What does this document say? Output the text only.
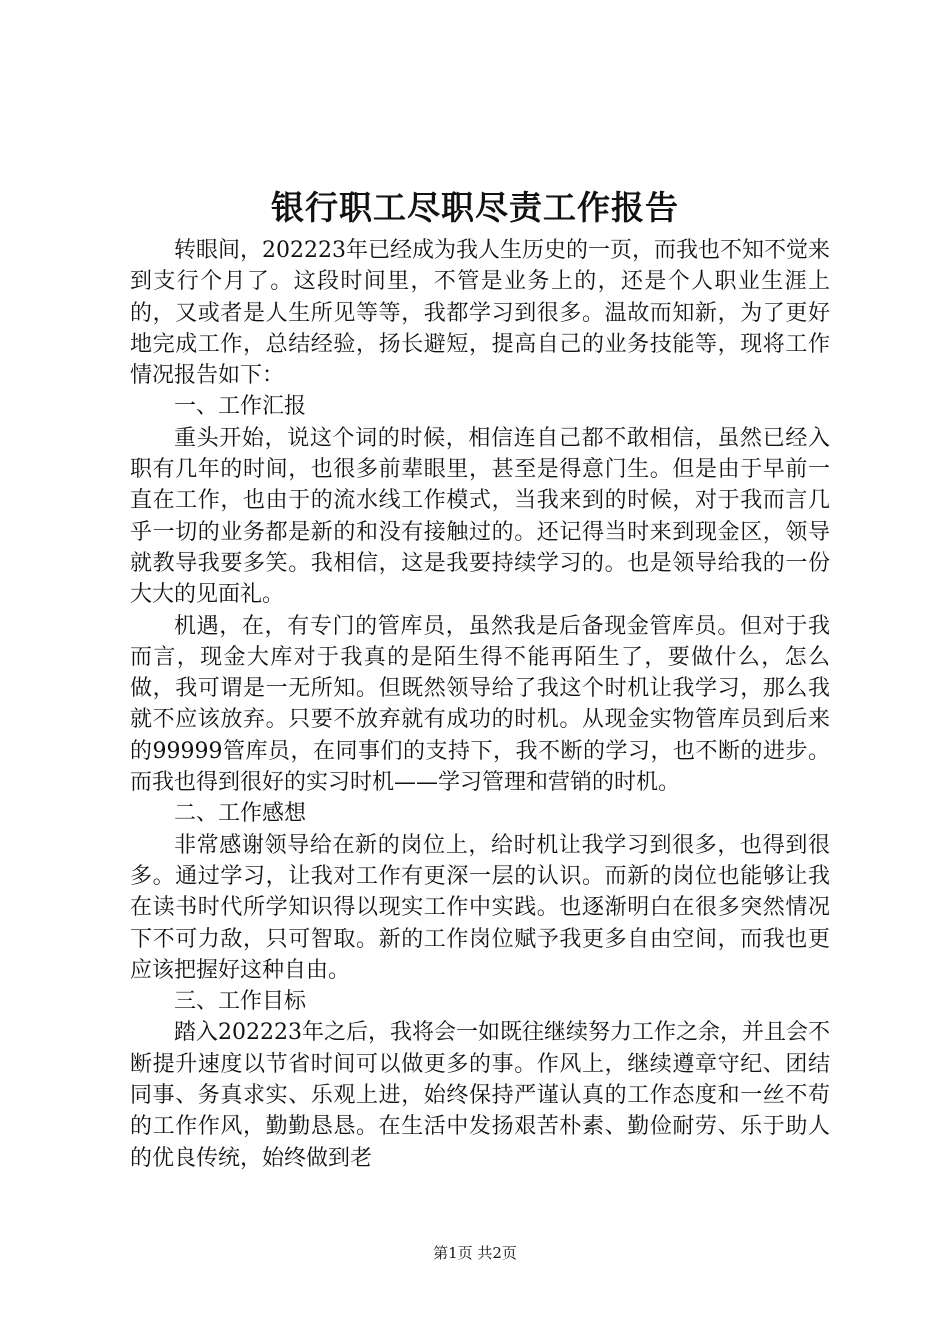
银行职工尽职尽责工作报告

转眼间，202223年已经成为我人生历史的一页，而我也不知不觉来到支行个月了。这段时间里，不管是业务上的，还是个人职业生涯上的，又或者是人生所见等等，我都学习到很多。温故而知新，为了更好地完成工作，总结经验，扬长避短，提高自己的业务技能等，现将工作情况报告如下：

一、工作汇报

重头开始，说这个词的时候，相信连自己都不敢相信，虽然已经入职有几年的时间，也很多前辈眼里，甚至是得意门生。但是由于早前一直在工作，也由于的流水线工作模式，当我来到的时候，对于我而言几乎一切的业务都是新的和没有接触过的。还记得当时来到现金区，领导就教导我要多笑。我相信，这是我要持续学习的。也是领导给我的一份大大的见面礼。

机遇，在，有专门的管库员，虽然我是后备现金管库员。但对于我而言，现金大库对于我真的是陌生得不能再陌生了，要做什么，怎么做，我可谓是一无所知。但既然领导给了我这个时机让我学习，那么我就不应该放弃。只要不放弃就有成功的时机。从现金实物管库员到后来的99999管库员，在同事们的支持下，我不断的学习，也不断的进步。而我也得到很好的实习时机——学习管理和营销的时机。

二、工作感想

非常感谢领导给在新的岗位上，给时机让我学习到很多，也得到很多。通过学习，让我对工作有更深一层的认识。而新的岗位也能够让我在读书时代所学知识得以现实工作中实践。也逐渐明白在很多突然情况下不可力敌，只可智取。新的工作岗位赋予我更多自由空间，而我也更应该把握好这种自由。

三、工作目标

踏入202223年之后，我将会一如既往继续努力工作之余，并且会不断提升速度以节省时间可以做更多的事。作风上，继续遵章守纪、团结同事、务真求实、乐观上进，始终保持严谨认真的工作态度和一丝不苟的工作作风，勤勤恳恳。在生活中发扬艰苦朴素、勤俭耐劳、乐于助人的优良传统，始终做到老

第1页 共2页
